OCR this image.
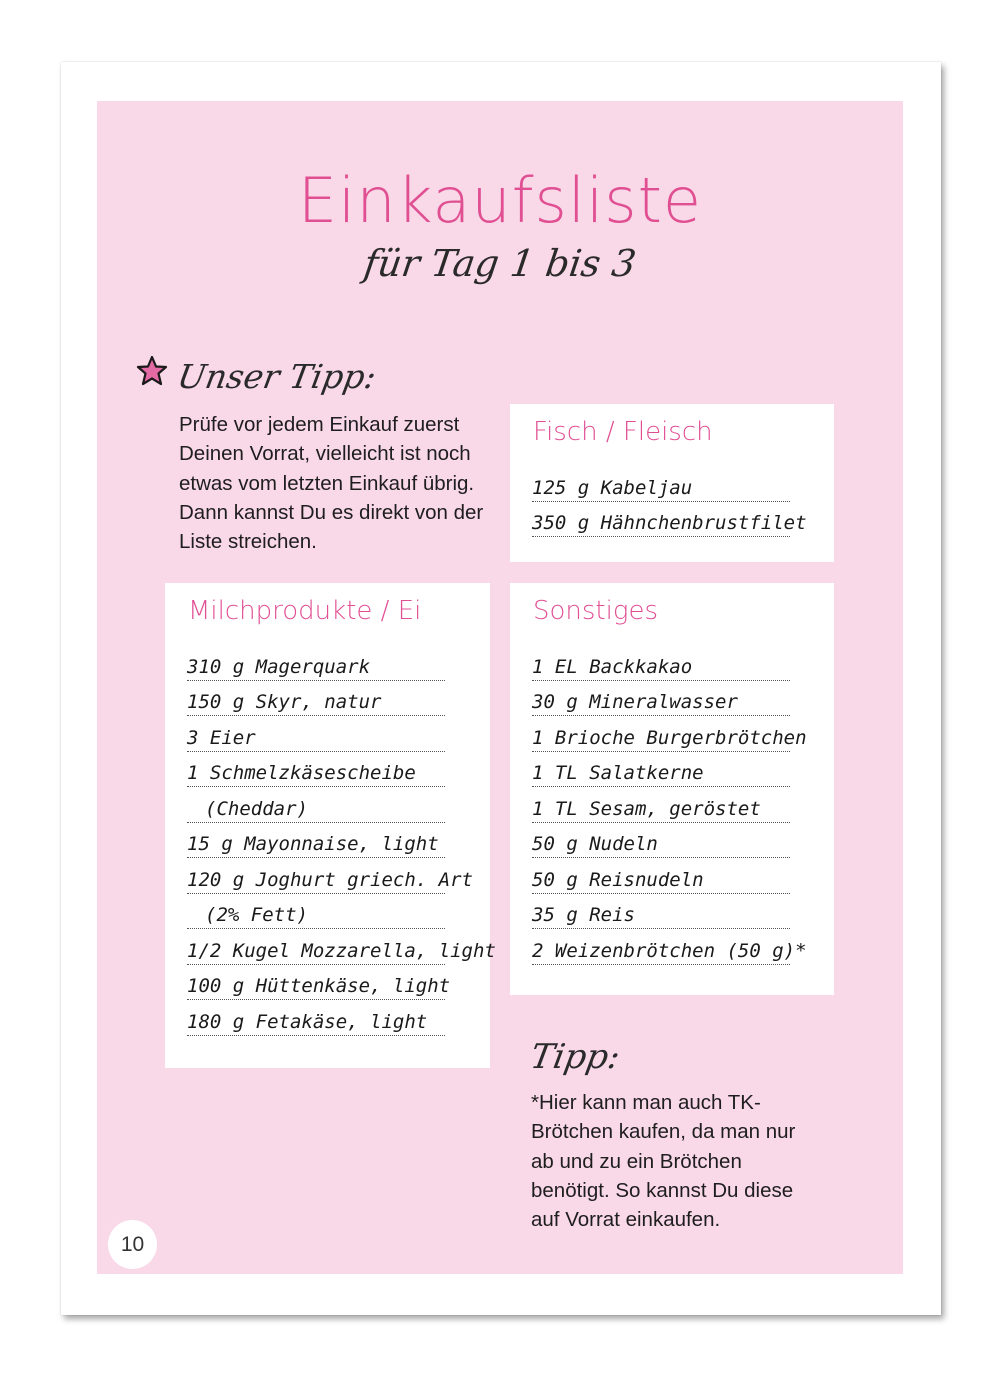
Einkaufsliste
für Tag 1 bis 3
Unser Tipp:

Prüfe vor jedem Einkauf zuerst Deinen Vorrat, vielleicht ist noch etwas vom letzten Einkauf übrig. Dann kannst Du es direkt von der Liste streichen.

Fisch / Fleisch
125 g Kabeljau
350 g Hähnchenbrustfilet
Milchprodukte / Ei
310 g Magerquark
150 g Skyr, natur
3 Eier
1 Schmelzkäsescheibe
(Cheddar)
15 g Mayonnaise, light
120 g Joghurt griech. Art
(2% Fett)
1/2 Kugel Mozzarella, light
100 g Hüttenkäse, light
180 g Fetakäse, light
Sonstiges
1 EL Backkakao
30 g Mineralwasser
1 Brioche Burgerbrötchen
1 TL Salatkerne
1 TL Sesam, geröstet
50 g Nudeln
50 g Reisnudeln
35 g Reis
2 Weizenbrötchen (50 g)*
Tipp:

*Hier kann man auch TK-Brötchen kaufen, da man nur ab und zu ein Brötchen benötigt. So kannst Du diese auf Vorrat einkaufen.

10
